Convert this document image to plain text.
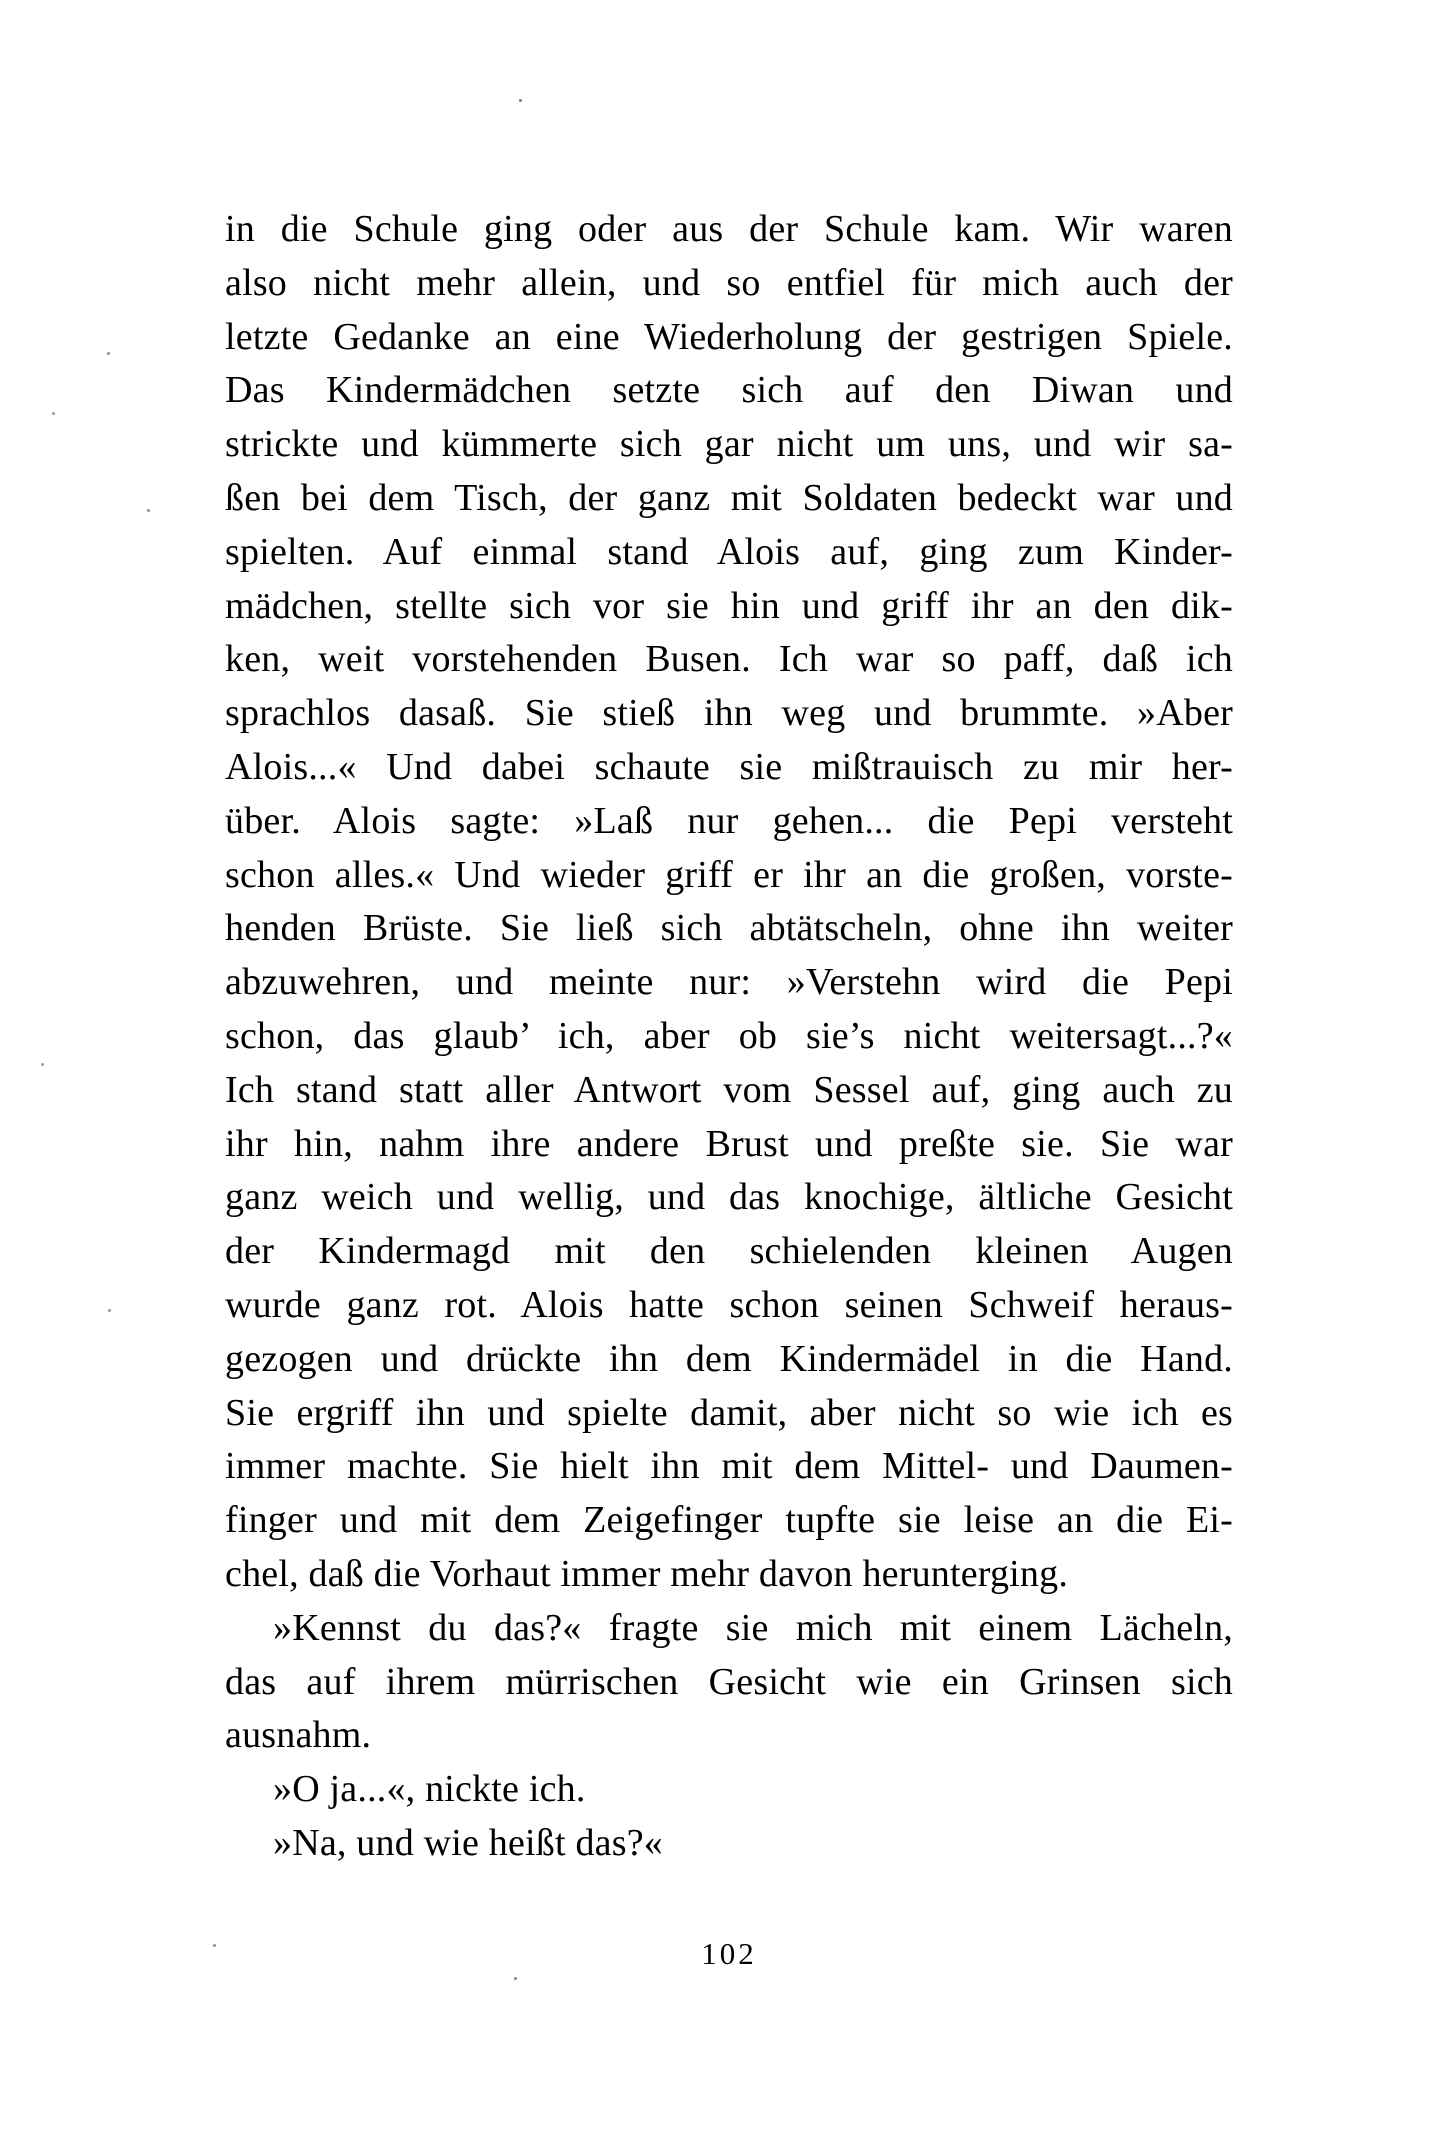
in die Schule ging oder aus der Schule kam. Wir waren
also nicht mehr allein, und so entfiel für mich auch der
letzte Gedanke an eine Wiederholung der gestrigen Spiele.
Das Kindermädchen setzte sich auf den Diwan und
strickte und kümmerte sich gar nicht um uns, und wir sa-
ßen bei dem Tisch, der ganz mit Soldaten bedeckt war und
spielten. Auf einmal stand Alois auf, ging zum Kinder-
mädchen, stellte sich vor sie hin und griff ihr an den dik-
ken, weit vorstehenden Busen. Ich war so paff, daß ich
sprachlos dasaß. Sie stieß ihn weg und brummte. »Aber
Alois...« Und dabei schaute sie mißtrauisch zu mir her-
über. Alois sagte: »Laß nur gehen... die Pepi versteht
schon alles.« Und wieder griff er ihr an die großen, vorste-
henden Brüste. Sie ließ sich abtätscheln, ohne ihn weiter
abzuwehren, und meinte nur: »Verstehn wird die Pepi
schon, das glaub’ ich, aber ob sie’s nicht weitersagt...?«
Ich stand statt aller Antwort vom Sessel auf, ging auch zu
ihr hin, nahm ihre andere Brust und preßte sie. Sie war
ganz weich und wellig, und das knochige, ältliche Gesicht
der Kindermagd mit den schielenden kleinen Augen
wurde ganz rot. Alois hatte schon seinen Schweif heraus-
gezogen und drückte ihn dem Kindermädel in die Hand.
Sie ergriff ihn und spielte damit, aber nicht so wie ich es
immer machte. Sie hielt ihn mit dem Mittel- und Daumen-
finger und mit dem Zeigefinger tupfte sie leise an die Ei-
chel, daß die Vorhaut immer mehr davon herunterging.
»Kennst du das?« fragte sie mich mit einem Lächeln,
das auf ihrem mürrischen Gesicht wie ein Grinsen sich
ausnahm.
»O ja...«, nickte ich.
»Na, und wie heißt das?«
102
